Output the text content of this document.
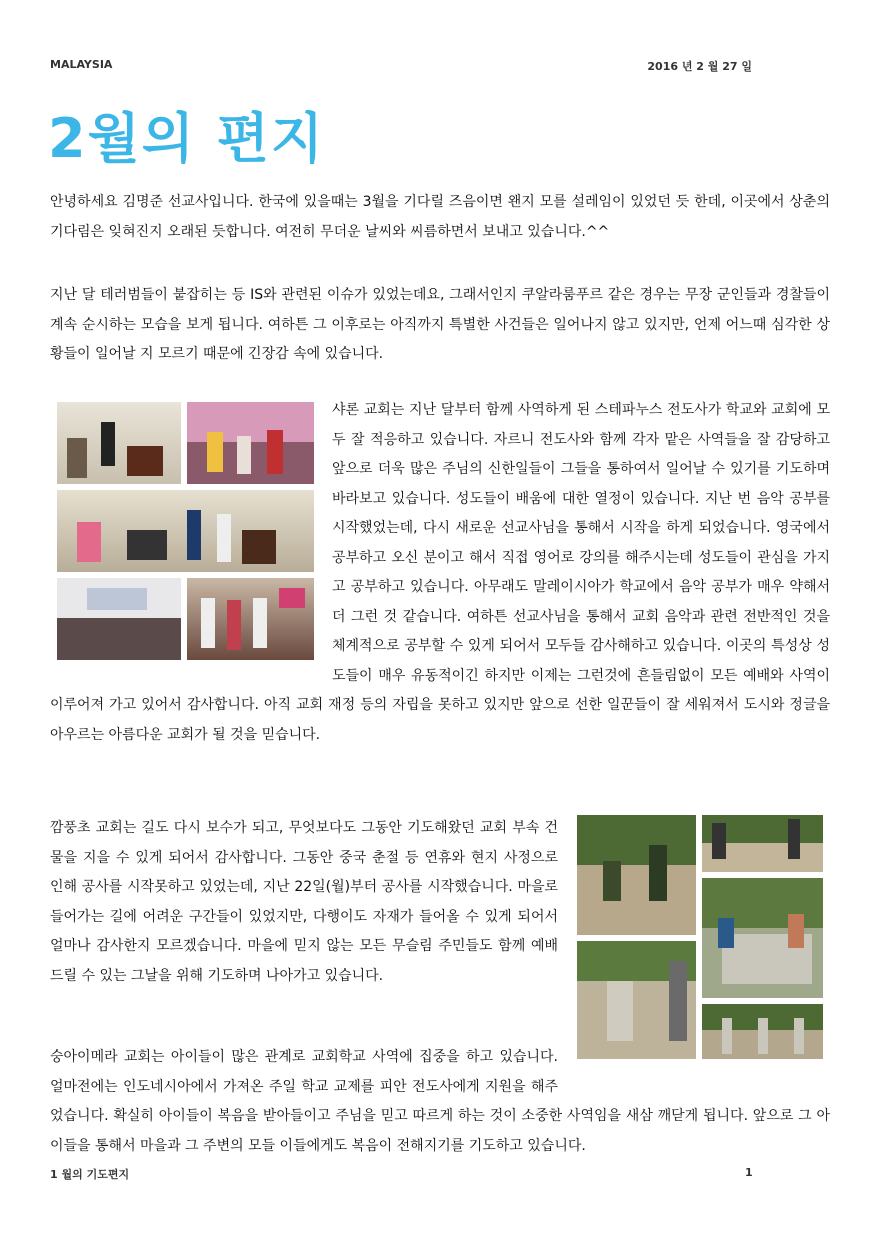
MALAYSIA	2016 년 2 월 27 일
2월의 편지

안녕하세요 김명준 선교사입니다. 한국에 있을때는 3월을 기다릴 즈음이면 왠지 모를 설레임이 있었던 듯 한데, 이곳에서 상춘의 기다림은 잊혀진지 오래된 듯합니다. 여전히 무더운 날씨와 씨름하면서 보내고 있습니다.^^

지난 달 테러범들이 붙잡히는 등 IS와 관련된 이슈가 있었는데요, 그래서인지 쿠알라룸푸르 같은 경우는 무장 군인들과 경찰들이 계속 순시하는 모습을 보게 됩니다. 여하튼 그 이후로는 아직까지 특별한 사건들은 일어나지 않고 있지만, 언제 어느때 심각한 상황들이 일어날 지 모르기 때문에 긴장감 속에 있습니다.

샤론 교회는 지난 달부터 함께 사역하게 된 스테파누스 전도사가 학교와 교회에 모두 잘 적응하고 있습니다. 자르니 전도사와 함께 각자 맡은 사역들을 잘 감당하고 앞으로 더욱 많은 주님의 신한일들이 그들을 통하여서 일어날 수 있기를 기도하며 바라보고 있습니다. 성도들이 배움에 대한 열정이 있습니다. 지난 번 음악 공부를 시작했었는데, 다시 새로운 선교사님을 통해서 시작을 하게 되었습니다. 영국에서 공부하고 오신 분이고 해서 직접 영어로 강의를 해주시는데 성도들이 관심을 가지고 공부하고 있습니다. 아무래도 말레이시아가 학교에서 음악 공부가 매우 약해서 더 그런 것 같습니다. 여하튼 선교사님을 통해서 교회 음악과 관련 전반적인 것을 체계적으로 공부할 수 있게 되어서 모두들 감사해하고 있습니다. 이곳의 특성상 성도들이 매우 유동적이긴 하지만 이제는 그런것에 흔들림없이 모든 예배와 사역이 이루어져 가고 있어서 감사합니다. 아직 교회 재정 등의 자립을 못하고 있지만 앞으로 선한 일꾼들이 잘 세워져서 도시와 정글을 아우르는 아름다운 교회가 될 것을 믿습니다.
깜풍초 교회는 길도 다시 보수가 되고, 무엇보다도 그동안 기도해왔던 교회 부속 건물을 지을 수 있게 되어서 감사합니다. 그동안 중국 춘절 등 연휴와 현지 사정으로 인해 공사를 시작못하고 있었는데, 지난 22일(월)부터 공사를 시작했습니다. 마을로 들어가는 길에 어려운 구간들이 있었지만, 다행이도 자재가 들어올 수 있게 되어서 얼마나 감사한지 모르겠습니다. 마을에 믿지 않는 모든 무슬림 주민들도 함께 예배드릴 수 있는 그날을 위해 기도하며 나아가고 있습니다.
숭아이메라 교회는 아이들이 많은 관계로 교회학교 사역에 집중을 하고 있습니다. 얼마전에는 인도네시아에서 가져온 주일 학교 교제를 피안 전도사에게 지원을 해주었습니다. 확실히 아이들이 복음을 받아들이고 주님을 믿고 따르게 하는 것이 소중한 사역임을 새삼 깨닫게 됩니다. 앞으로 그 아이들을 통해서 마을과 그 주변의 모들 이들에게도 복음이 전해지기를 기도하고 있습니다.
1 월의 기도편지	1
